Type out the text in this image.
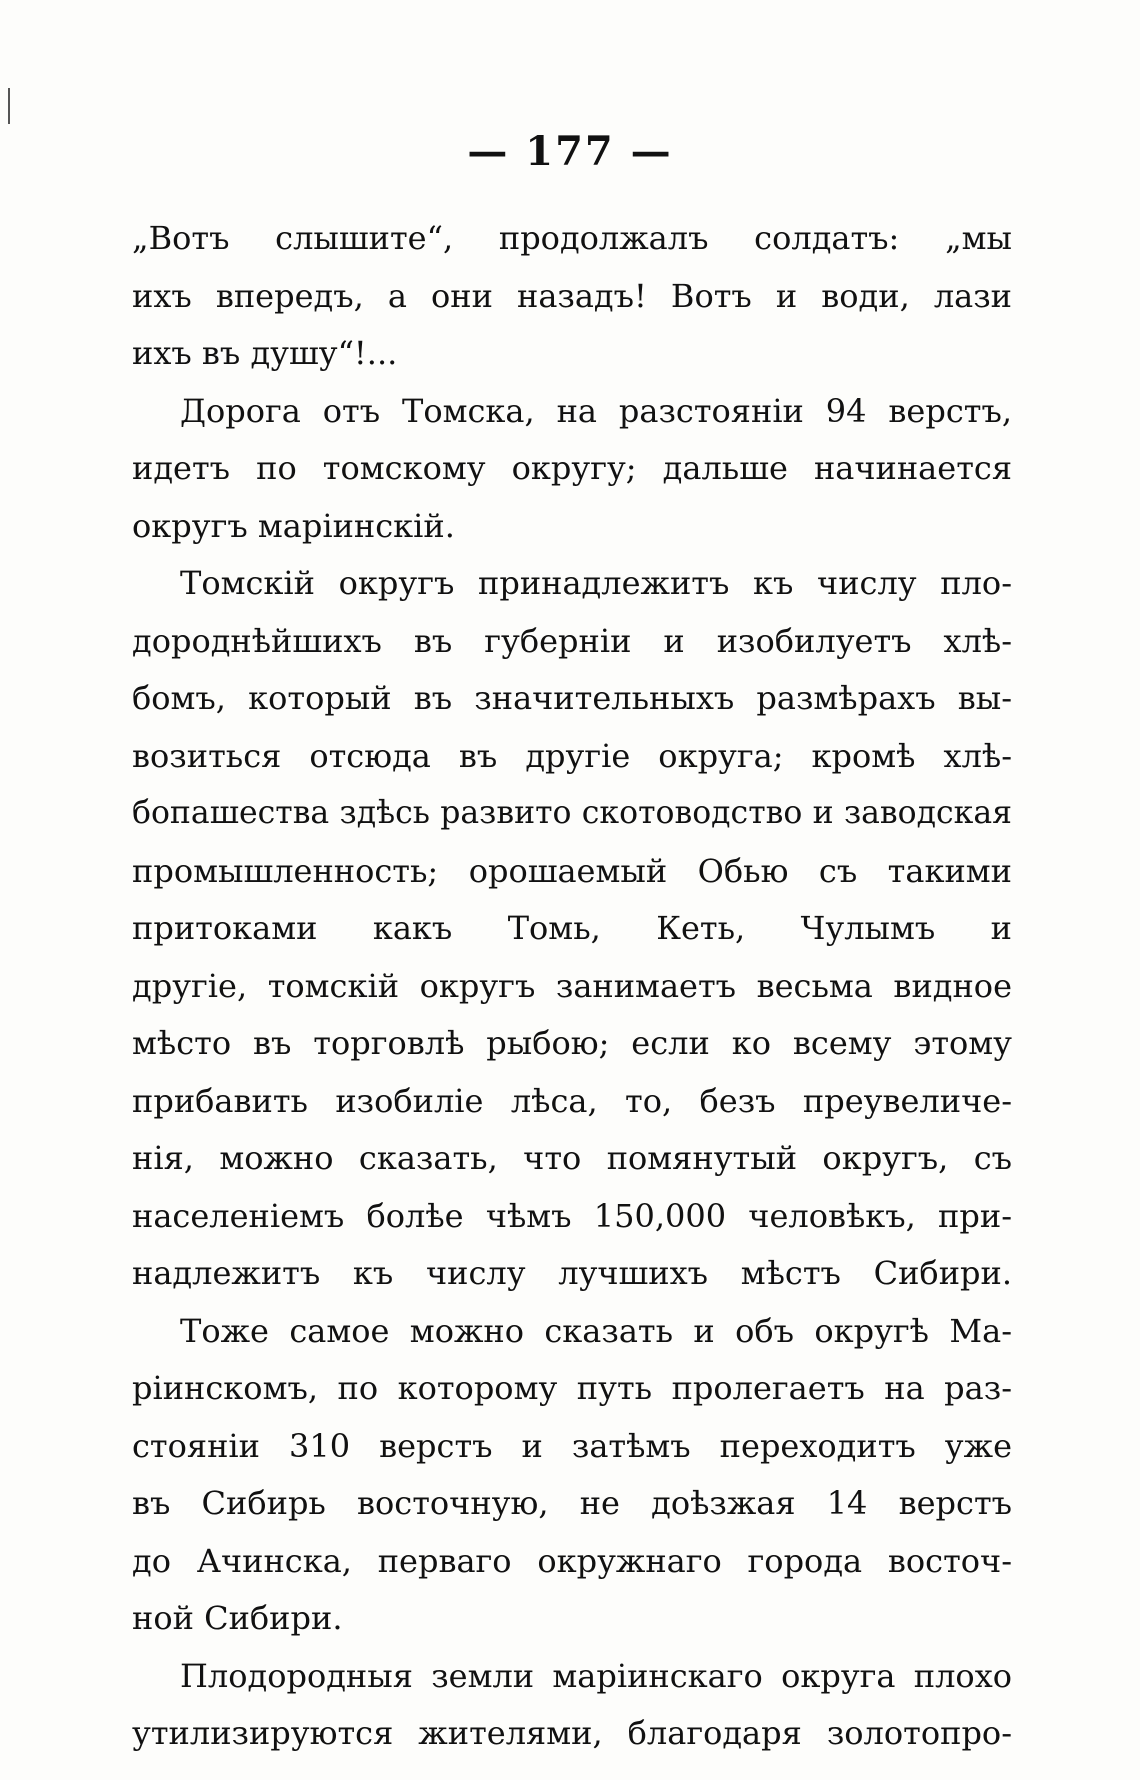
— 177 —
„Вотъ слышите“, продолжалъ солдатъ: „мы
ихъ впередъ, а они назадъ! Вотъ и води, лази
ихъ въ душу“!...
Дорога отъ Томска, на разстояніи 94 верстъ,
идетъ по томскому округу; дальше начинается
округъ маріинскій.
Томскій округъ принадлежитъ къ числу пло-
дороднѣйшихъ въ губерніи и изобилуетъ хлѣ-
бомъ, который въ значительныхъ размѣрахъ вы-
возиться отсюда въ другіе округа; кромѣ хлѣ-
бопашества здѣсь развито скотоводство и заводская
промышленность; орошаемый Обью съ такими
притоками какъ Томь, Кеть, Чулымъ и
другіе, томскій округъ занимаетъ весьма видное
мѣсто въ торговлѣ рыбою; если ко всему этому
прибавить изобиліе лѣса, то, безъ преувеличе-
нія, можно сказать, что помянутый округъ, съ
населеніемъ болѣе чѣмъ 150,000 человѣкъ, при-
надлежитъ къ числу лучшихъ мѣстъ Сибири.
Тоже самое можно сказать и объ округѣ Ма-
ріинскомъ, по которому путь пролегаетъ на раз-
стояніи 310 верстъ и затѣмъ переходитъ уже
въ Сибирь восточную, не доѣзжая 14 верстъ
до Ачинска, перваго окружнаго города восточ-
ной Сибири.
Плодородныя земли маріинскаго округа плохо
утилизируются жителями, благодаря золотопро-
